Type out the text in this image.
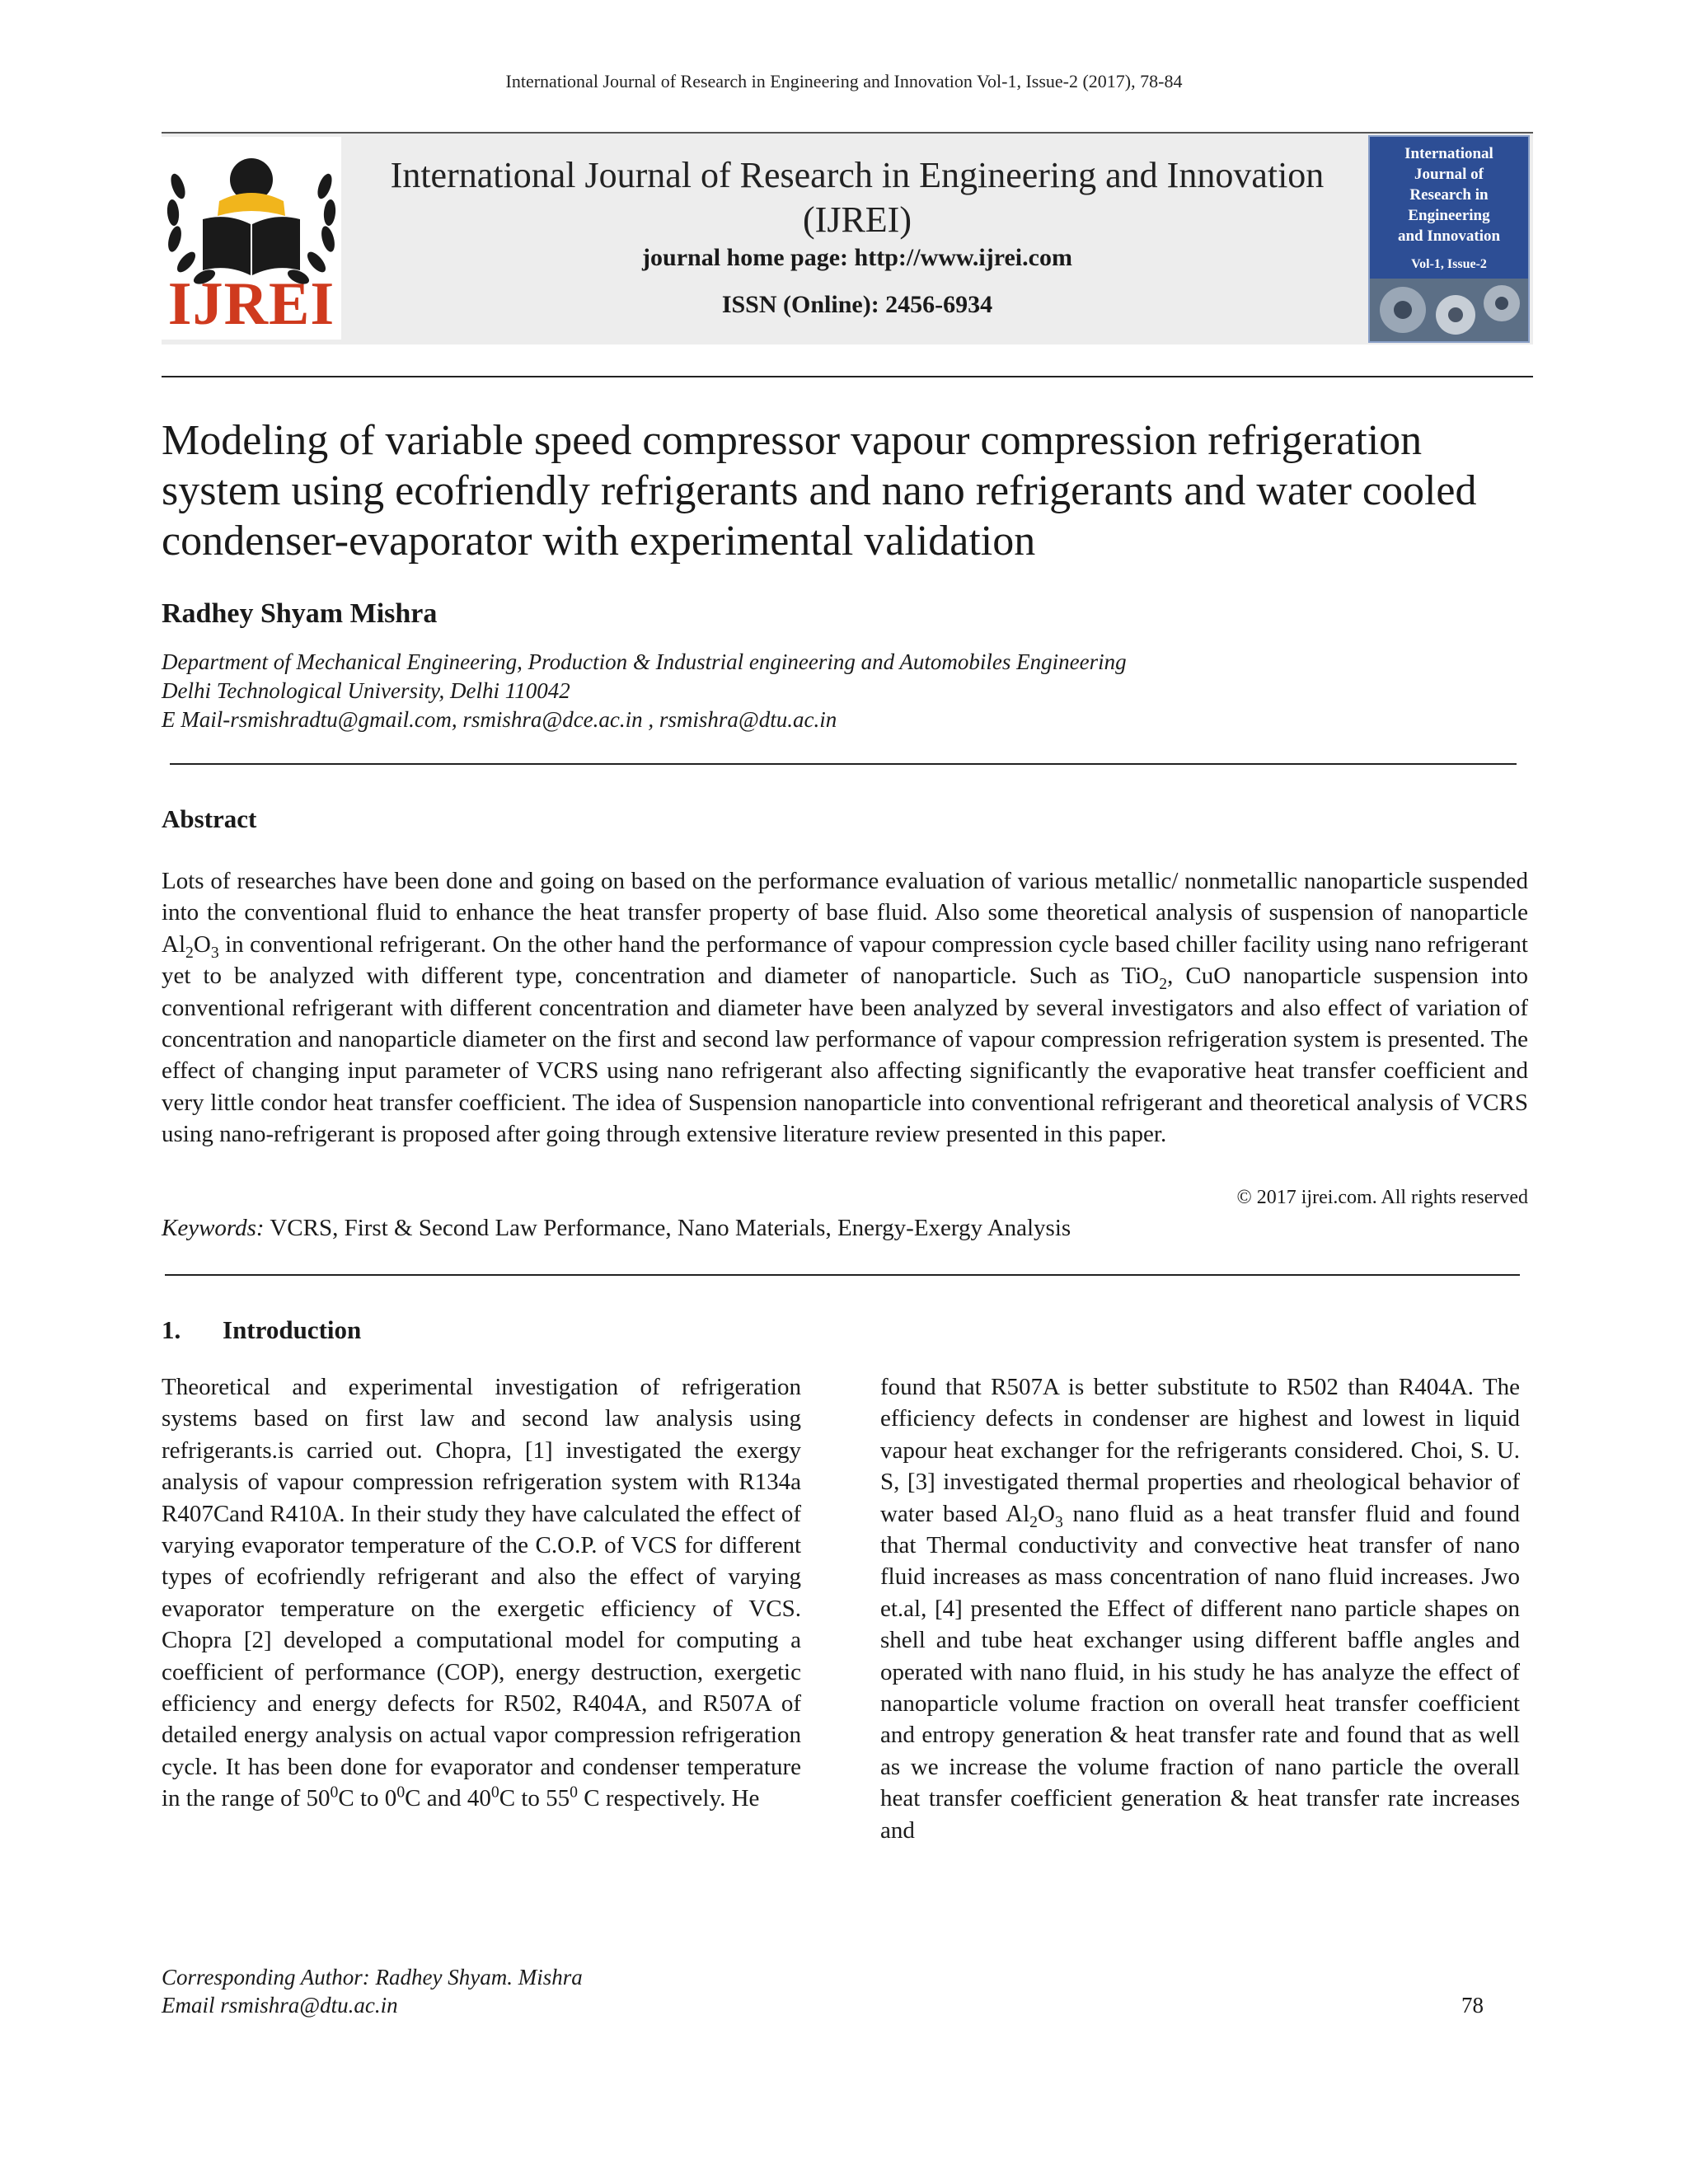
International Journal of Research in Engineering and Innovation Vol-1, Issue-2 (2017), 78-84
IJREI
International Journal of Research in Engineering and Innovation
(IJREI)
journal home page: http://www.ijrei.com
ISSN (Online): 2456-6934
International
Journal of
Research in
Engineering
and Innovation
Vol-1, Issue-2
Modeling of variable speed compressor vapour compression refrigeration system using ecofriendly refrigerants and nano refrigerants and water cooled condenser-evaporator with experimental validation
Radhey Shyam Mishra
Department of Mechanical Engineering, Production & Industrial engineering and Automobiles Engineering
Delhi Technological University, Delhi 110042
E Mail-rsmishradtu@gmail.com, rsmishra@dce.ac.in , rsmishra@dtu.ac.in
Abstract
Lots of researches have been done and going on based on the performance evaluation of various metallic/ nonmetallic nanoparticle suspended into the conventional fluid to enhance the heat transfer property of base fluid. Also some theoretical analysis of suspension of nanoparticle $Al_2O_3$ in conventional refrigerant. On the other hand the performance of vapour compression cycle based chiller facility using nano refrigerant yet to be analyzed with different type, concentration and diameter of nanoparticle. Such as TiO$_2$, CuO nanoparticle suspension into conventional refrigerant with different concentration and diameter have been analyzed by several investigators and also effect of variation of concentration and nanoparticle diameter on the first and second law performance of vapour compression refrigeration system is presented. The effect of changing input parameter of VCRS using nano refrigerant also affecting significantly the evaporative heat transfer coefficient and very little condor heat transfer coefficient. The idea of Suspension nanoparticle into conventional refrigerant and theoretical analysis of VCRS using nano-refrigerant is proposed after going through extensive literature review presented in this paper.
© 2017 ijrei.com. All rights reserved
Keywords: VCRS, First & Second Law Performance, Nano Materials, Energy-Exergy Analysis
1. Introduction
Theoretical and experimental investigation of refrigeration systems based on first law and second law analysis using refrigerants.is carried out. Chopra, [1] investigated the exergy analysis of vapour compression refrigeration system with R134a R407Cand R410A. In their study they have calculated the effect of varying evaporator temperature of the C.O.P. of VCS for different types of ecofriendly refrigerant and also the effect of varying evaporator temperature on the exergetic efficiency of VCS. Chopra [2] developed a computational model for computing a coefficient of performance (COP), energy destruction, exergetic efficiency and energy defects for R502, R404A, and R507A of detailed energy analysis on actual vapor compression refrigeration cycle. It has been done for evaporator and condenser temperature in the range of $50^0C$ to $0^0C$ and $40^0C$ to $55^0$ C respectively. He
found that R507A is better substitute to R502 than R404A. The efficiency defects in condenser are highest and lowest in liquid vapour heat exchanger for the refrigerants considered. Choi, S. U. S, [3] investigated thermal properties and rheological behavior of water based $Al_2O_3$ nano fluid as a heat transfer fluid and found that Thermal conductivity and convective heat transfer of nano fluid increases as mass concentration of nano fluid increases. Jwo et.al, [4] presented the Effect of different nano particle shapes on shell and tube heat exchanger using different baffle angles and operated with nano fluid, in his study he has analyze the effect of nanoparticle volume fraction on overall heat transfer coefficient and entropy generation & heat transfer rate and found that as well as we increase the volume fraction of nano particle the overall heat transfer coefficient generation & heat transfer rate increases and
Corresponding Author: Radhey Shyam. Mishra
Email rsmishra@dtu.ac.in	78
